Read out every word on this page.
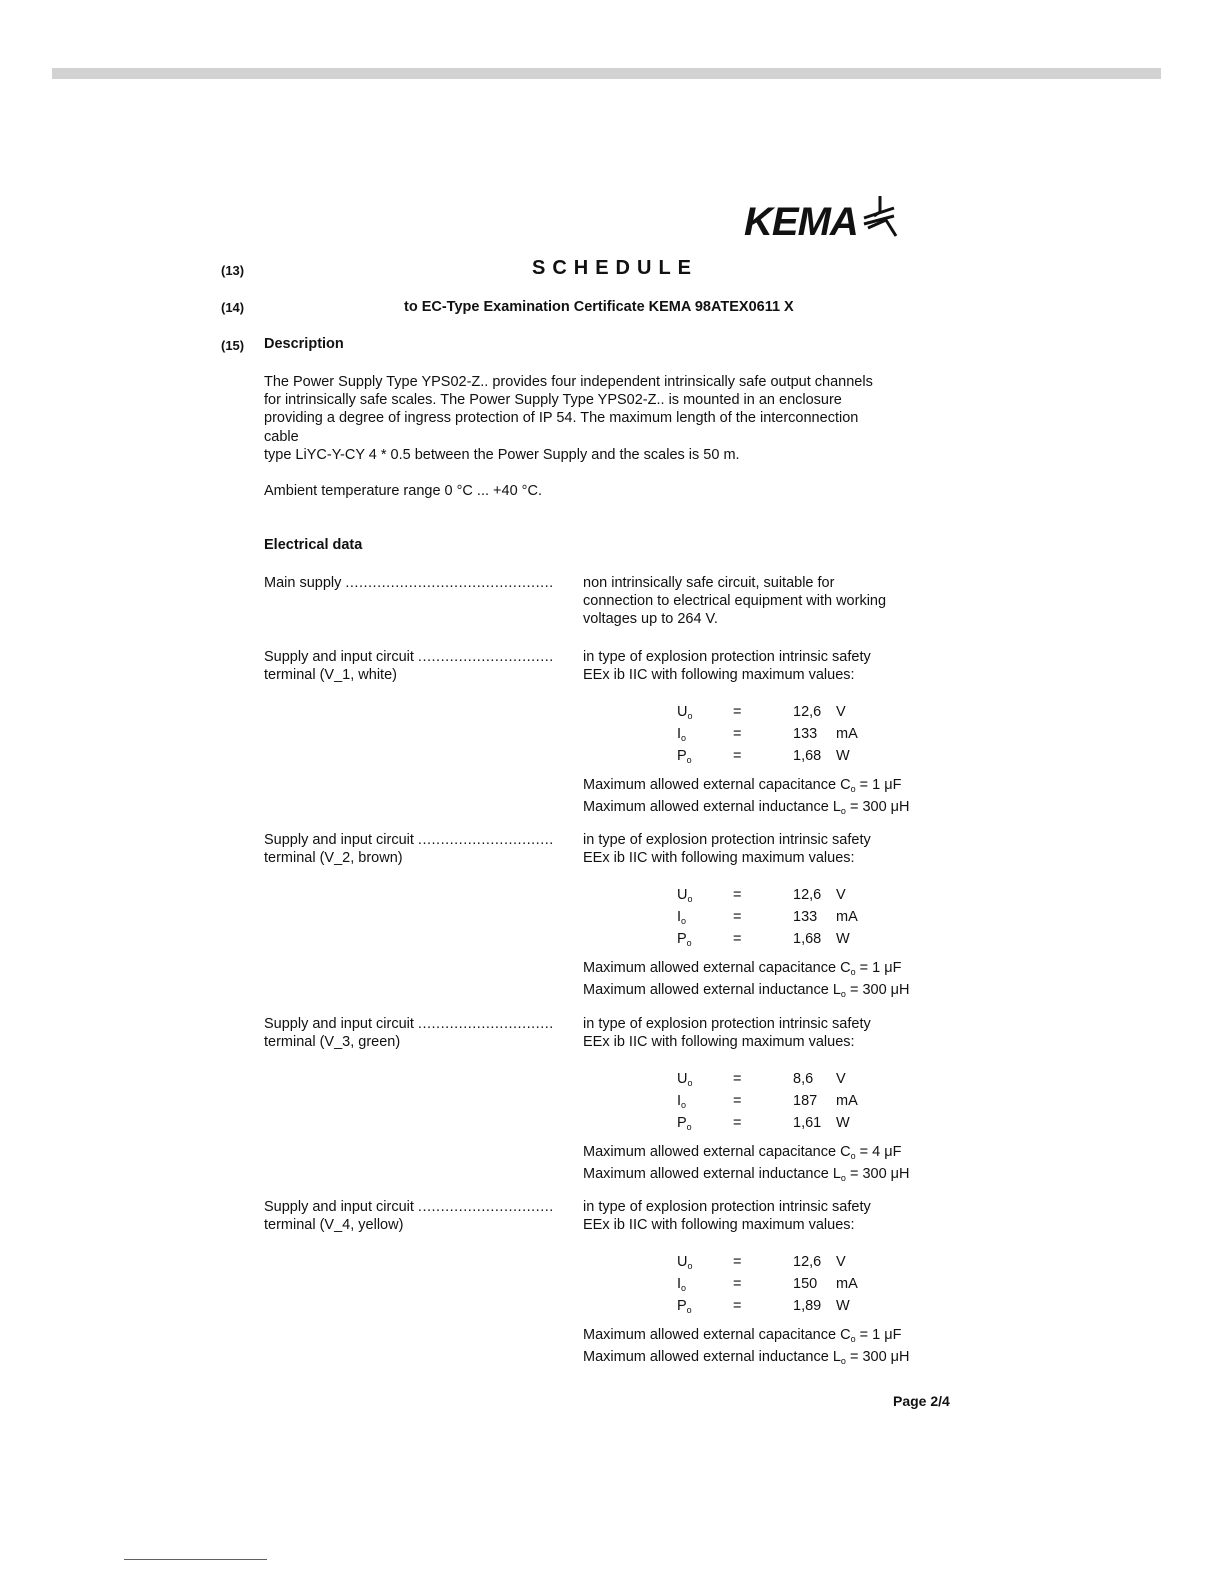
KEMA
(13)	SCHEDULE
(14)	to EC-Type Examination Certificate KEMA 98ATEX0611 X
(15) Description

The Power Supply Type YPS02-Z.. provides four independent intrinsically safe output channels

for intrinsically safe scales. The Power Supply Type YPS02-Z.. is mounted in an enclosure

providing a degree of ingress protection of IP 54. The maximum length of the interconnection

cable

type LiYC-Y-CY 4 * 0.5 between the Power Supply and the scales is 50 m.

Ambient temperature range 0 °C ... +40 °C.
Electrical data
Main supply
.....	non intrinsically safe circuit, suitable for

connection to electrical equipment with working

voltages up to 264 V.

Supply and input circuit
.....
terminal (V_1, white)

in type of explosion protection intrinsic safety

EEx ib IIC with following maximum values:

$U_o$	=	12,6	V
$I_o$	=	133	mA
$P_o$	=	1,68	W
Maximum allowed external capacitance $C_o = 1$ μF
Maximum allowed external inductance $L_o = 300$ μH
Supply and input circuit
.....
terminal (V_2, brown)

in type of explosion protection intrinsic safety

EEx ib IIC with following maximum values:

$U_o$	=	12,6	V
$I_o$	=	133	mA
$P_o$	=	1,68	W
Maximum allowed external capacitance $C_o = 1$ μF
Maximum allowed external inductance $L_o = 300$ μH
Supply and input circuit
.....
terminal (V_3, green)

in type of explosion protection intrinsic safety

EEx ib IIC with following maximum values:

$U_o$	=	8,6	V
$I_o$	=	187	mA
$P_o$	=	1,61	W
Maximum allowed external capacitance $C_o = 4$ μF
Maximum allowed external inductance $L_o = 300$ μH
Supply and input circuit
.....
terminal (V_4, yellow)

in type of explosion protection intrinsic safety

EEx ib IIC with following maximum values:

$U_o$	=	12,6	V
$I_o$	=	150	mA
$P_o$	=	1,89	W
Maximum allowed external capacitance $C_o = 1$ μF
Maximum allowed external inductance $L_o = 300$ μH
Page 2/4
